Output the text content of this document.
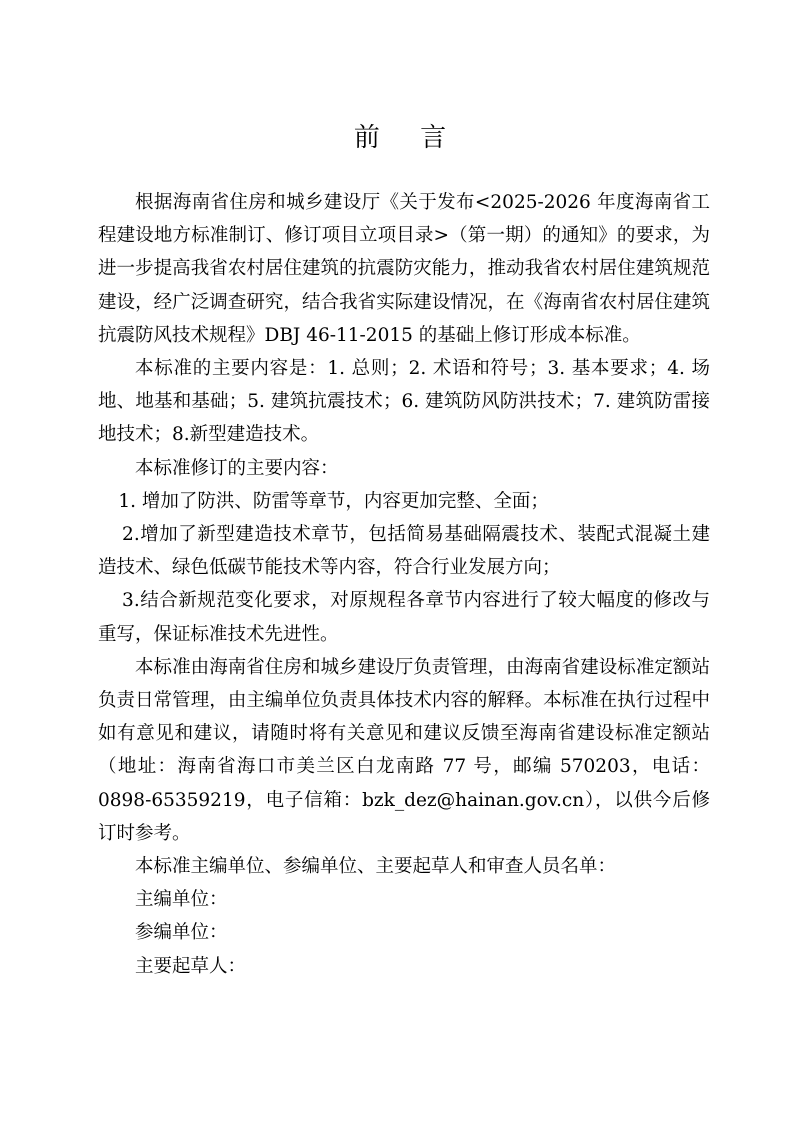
前 言

根据海南省住房和城乡建设厅《关于发布<2025-2026 年度海南省工程建设地方标准制订、修订项目立项目录>（第一期）的通知》的要求，为进一步提高我省农村居住建筑的抗震防灾能力，推动我省农村居住建筑规范建设，经广泛调查研究，结合我省实际建设情况，在《海南省农村居住建筑抗震防风技术规程》DBJ 46-11-2015 的基础上修订形成本标准。

本标准的主要内容是：1. 总则；2. 术语和符号；3. 基本要求；4. 场地、地基和基础；5. 建筑抗震技术；6. 建筑防风防洪技术；7. 建筑防雷接地技术；8.新型建造技术。

本标准修订的主要内容：

1. 增加了防洪、防雷等章节，内容更加完整、全面；

2.增加了新型建造技术章节，包括简易基础隔震技术、装配式混凝土建造技术、绿色低碳节能技术等内容，符合行业发展方向；

3.结合新规范变化要求，对原规程各章节内容进行了较大幅度的修改与重写，保证标准技术先进性。

本标准由海南省住房和城乡建设厅负责管理，由海南省建设标准定额站负责日常管理，由主编单位负责具体技术内容的解释。本标准在执行过程中如有意见和建议，请随时将有关意见和建议反馈至海南省建设标准定额站（地址：海南省海口市美兰区白龙南路 77 号，邮编 570203，电话：0898-65359219，电子信箱：bzk_dez@hainan.gov.cn），以供今后修订时参考。

本标准主编单位、参编单位、主要起草人和审查人员名单：

主编单位：

参编单位：

主要起草人：
